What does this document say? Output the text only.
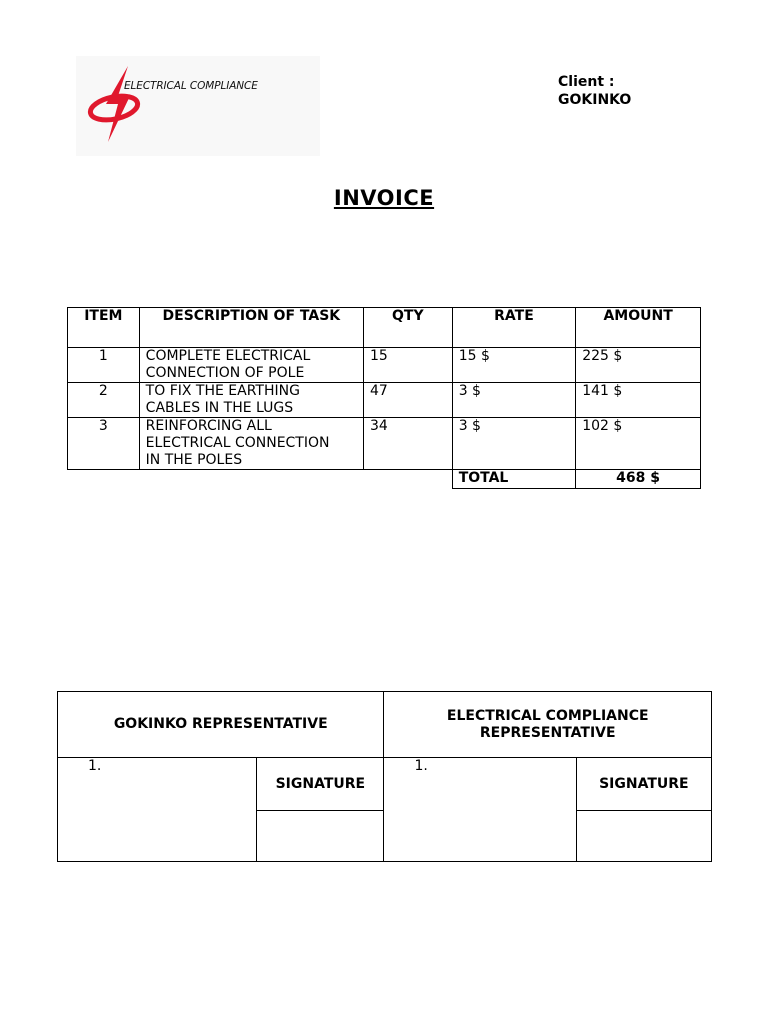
ELECTRICAL COMPLIANCE	Client :
GOKINKO
INVOICE
ITEM	DESCRIPTION OF TASK	QTY	RATE	AMOUNT
1	COMPLETE ELECTRICAL
CONNECTION OF POLE	15	15 $	225 $
2	TO FIX THE EARTHING
CABLES IN THE LUGS	47	3 $	141 $
3	REINFORCING ALL
ELECTRICAL CONNECTION
IN THE POLES	34	3 $	102 $
			TOTAL	468 $
GOKINKO REPRESENTATIVE		ELECTRICAL COMPLIANCE
REPRESENTATIVE	

1.	SIGNATURE	1.	SIGNATURE
